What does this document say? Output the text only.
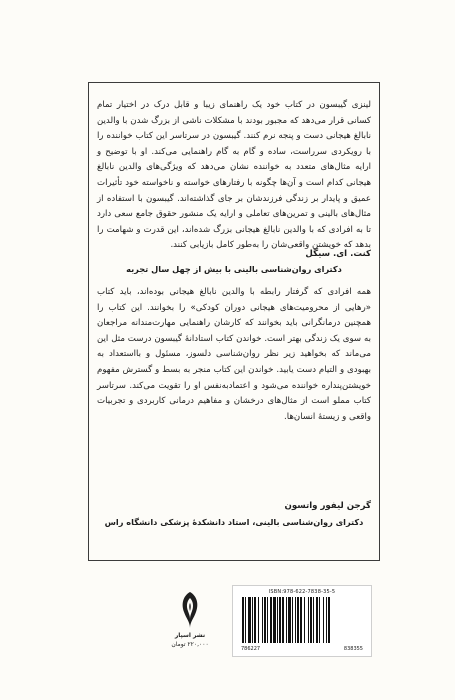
لینزی گیبسون در کتاب خود یک راهنمای زیبا و قابل درک در اختیار تمام کسانی قرار می‌دهد که مجبور بودند با مشکلات ناشی از بزرگ شدن با والدین نابالغ هیجانی دست و پنجه نرم کنند. گیبسون در سرتاسر این کتاب خواننده را با رویکردی سرراست، ساده و گام به گام راهنمایی می‌کند. او با توضیح و ارایه مثال‌های متعدد به خواننده نشان می‌دهد که ویژگی‌های والدین نابالغ هیجانی کدام است و آن‌ها چگونه با رفتارهای خواسته و ناخواسته خود تأثیرات عمیق و پایدار بر زندگی فرزندشان بر جای گذاشته‌اند. گیبسون با استفاده از مثال‌های بالینی و تمرین‌های تعاملی و ارایه یک منشور حقوق جامع سعی دارد تا به افرادی که با والدین نابالغ هیجانی بزرگ شده‌اند، این قدرت و شهامت را بدهد که خویشتن واقعی‌شان را به‌طور کامل بازیابی کنند.
کنت. ای. سیگل
دکترای روان‌شناسی بالینی با بیش از چهل سال تجربه
همه افرادی که گرفتار رابطه با والدین نابالغ هیجانی بوده‌اند، باید کتاب «رهایی از محرومیت‌های هیجانی دوران کودکی» را بخوانند. این کتاب را همچنین درمانگرانی باید بخوانند که کارشان راهنمایی مهارت‌مندانه مراجعان به سوی یک زندگی بهتر است. خواندن کتاب استادانهٔ گیبسون درست مثل این می‌ماند که بخواهید زیر نظر روان‌شناسی دلسوز، مسئول و بااستعداد به بهبودی و التیام دست یابید. خواندن این کتاب منجر به بسط و گسترش مفهوم خویشتن‌پنداره خواننده می‌شود و اعتمادبه‌نفس او را تقویت می‌کند. سرتاسر کتاب مملو است از مثال‌های درخشان و مفاهیم درمانی کاربردی و تجربیات واقعی و زیستهٔ انسان‌ها.
گرجن لیفور واتسون
دکترای روان‌شناسی بالینی، استاد دانشکدهٔ پزشکی دانشگاه راس
نشر اسپار
۲۲۰,۰۰۰ تومان
ISBN:978-622-7838-35-5
786227	838355
